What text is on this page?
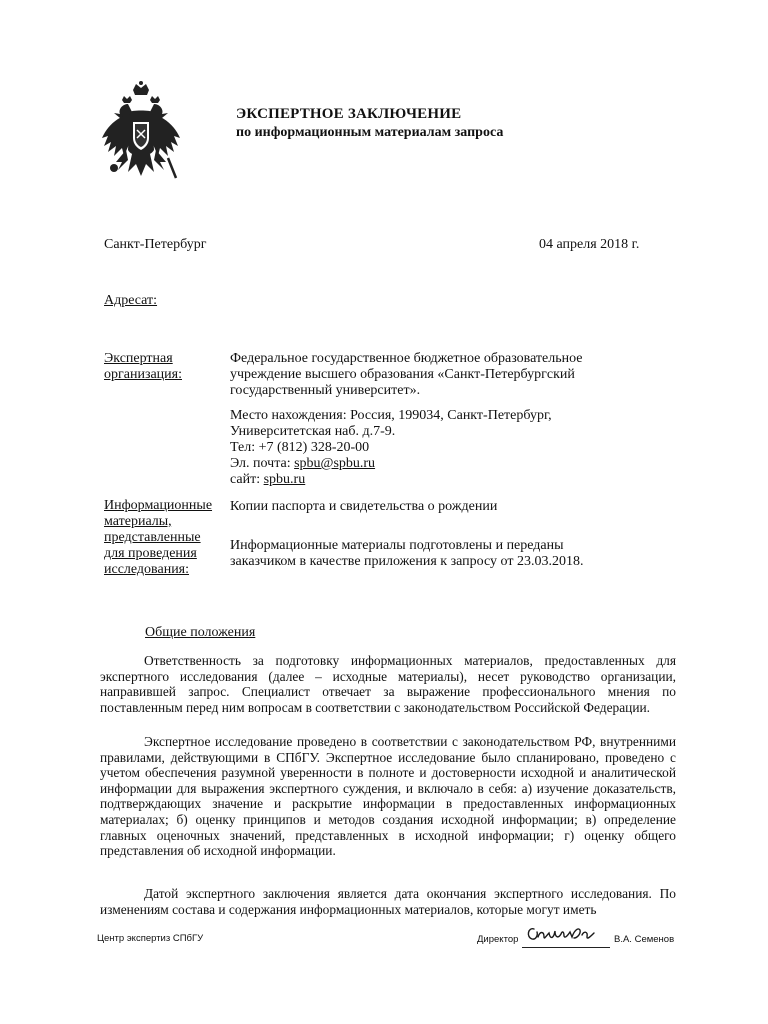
ЭКСПЕРТНОЕ ЗАКЛЮЧЕНИЕ
по информационным материалам запроса
Санкт-Петербург	04 апреля 2018 г.
Адресат:
Экспертная
организация:

Федеральное государственное бюджетное образовательное

учреждение высшего образования «Санкт-Петербургский

государственный университет».

Место нахождения: Россия, 199034, Санкт-Петербург,

Университетская наб. д.7-9.

Тел: +7 (812) 328-20-00

Эл. почта: spbu@spbu.ru

сайт: spbu.ru

Информационные
материалы,
представленные
для проведения
исследования:

Копии паспорта и свидетельства о рождении

Информационные материалы подготовлены и переданы

заказчиком в качестве приложения к запросу от 23.03.2018.

Общие положения

Ответственность за подготовку информационных материалов, предоставленных для экспертного исследования (далее – исходные материалы), несет руководство организации, направившей запрос. Специалист отвечает за выражение профессионального мнения по поставленным перед ним вопросам в соответствии с законодательством Российской Федерации.

Экспертное исследование проведено в соответствии с законодательством РФ, внутренними правилами, действующими в СПбГУ. Экспертное исследование было спланировано, проведено с учетом обеспечения разумной уверенности в полноте и достоверности исходной и аналитической информации для выражения экспертного суждения, и включало в себя: а) изучение доказательств, подтверждающих значение и раскрытие информации в предоставленных информационных материалах; б) оценку принципов и методов создания исходной информации; в) определение главных оценочных значений, представленных в исходной информации; г) оценку общего представления об исходной информации.

Датой экспертного заключения является дата окончания экспертного исследования. По изменениям состава и содержания информационных материалов, которые могут иметь

Центр экспертиз СПбГУ	Директор	В.А. Семенов
